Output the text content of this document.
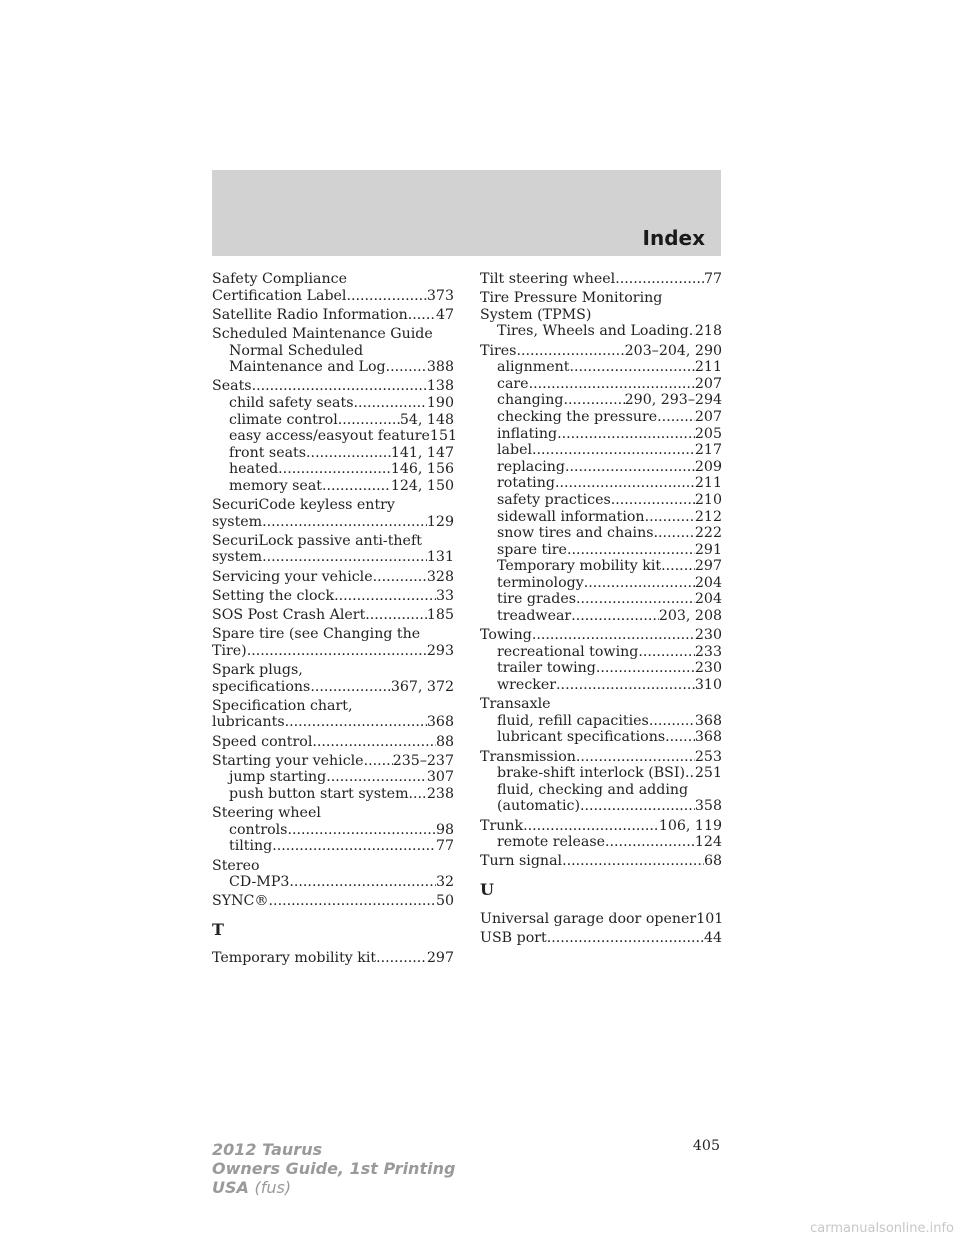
Index
Safety Compliance
Certification Label .....	373
Satellite Radio Information ..... 47
Scheduled Maintenance Guide
Normal Scheduled
Maintenance and Log .....	388
Seats .....	138
child safety seats .....	190
climate control .....	54, 148
easy access/easyout feature 151
front seats .....	141, 147
heated .....	146, 156
memory seat .....	124, 150
SecuriCode keyless entry
system .....	129
SecuriLock passive anti-theft
system .....	131
Servicing your vehicle .....	328
Setting the clock .....	33
SOS Post Crash Alert .....	185
Spare tire (see Changing the
Tire) .....	293
Spark plugs,
specifications .....	367, 372
Specification chart,
lubricants .....	368
Speed control .....	88
Starting your vehicle ..... 235–237
jump starting .....	307
push button start system ..... 238
Steering wheel
controls .....	98
tilting .....	77
Stereo
CD-MP3 .....	32
SYNC® .....	50
T
Temporary mobility kit .....	297
Tilt steering wheel .....	77
Tire Pressure Monitoring
System (TPMS)
Tires, Wheels and Loading ..... 218
Tires .....	203–204, 290
alignment .....	211
care .....	207
changing .....	290, 293–294
checking the pressure .....	207
inflating .....	205
label .....	217
replacing .....	209
rotating .....	211
safety practices .....	210
sidewall information .....	212
snow tires and chains .....	222
spare tire .....	291
Temporary mobility kit ..... 297
terminology .....	204
tire grades .....	204
treadwear .....	203, 208
Towing .....	230
recreational towing .....	233
trailer towing .....	230
wrecker .....	310
Transaxle
fluid, refill capacities .....	368
lubricant specifications ..... 368
Transmission .....	253
brake-shift interlock (BSI) ..... 251
fluid, checking and adding
(automatic) .....	358
Trunk .....	106, 119
remote release .....	124
Turn signal .....	68
U
Universal garage door opener 101
USB port .....	44
405
2012 Taurus
Owners Guide, 1st Printing
USA (fus)
carmanualsonline.info
